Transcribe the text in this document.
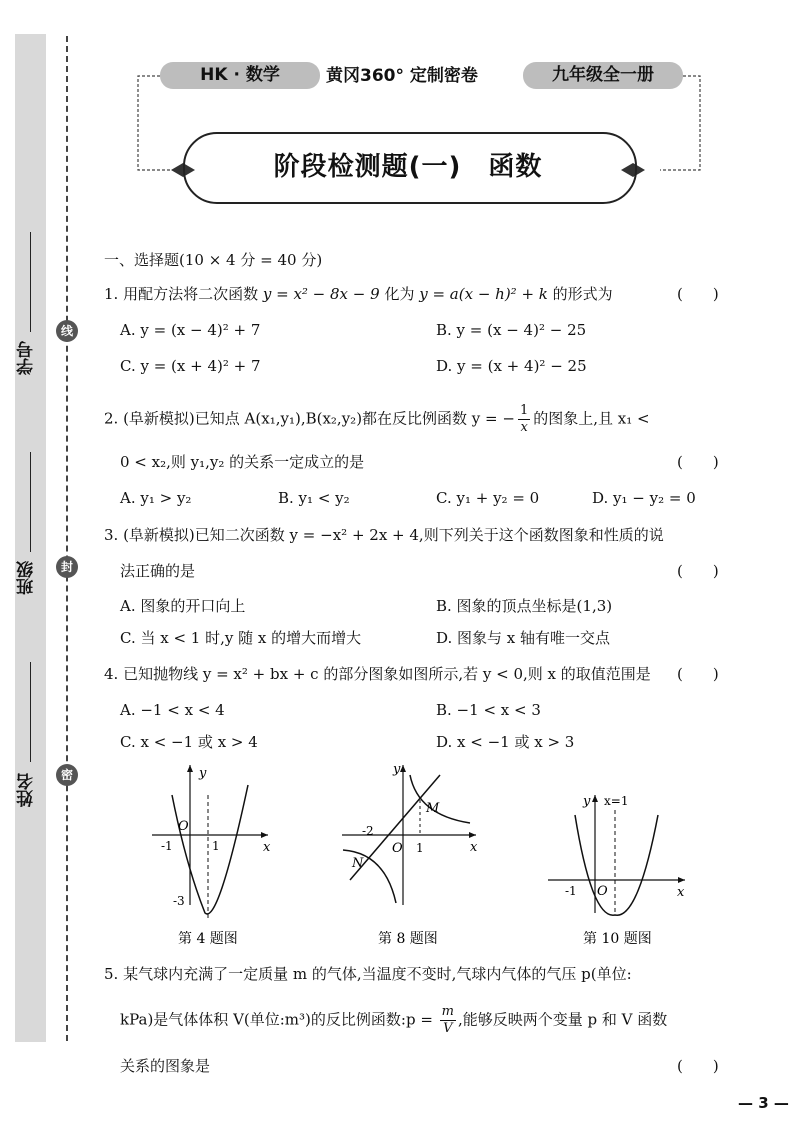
学号
班级
姓名
线
封
密
HK · 数学	黄冈360° 定制密卷	九年级全一册
阶段检测题(一)　函数
一、选择题(10 × 4 分 = 40 分)
1. 用配方法将二次函数 y = x² − 8x − 9 化为 y = a(x − h)² + k 的形式为	(　　)
A. y = (x − 4)² + 7	B. y = (x − 4)² − 25
C. y = (x + 4)² + 7	D. y = (x + 4)² − 25
2. (阜新模拟)已知点 A(x₁,y₁),B(x₂,y₂)都在反比例函数 y = − $\frac{1}{x}$ 的图象上,且 x₁ <
0 < x₂,则 y₁,y₂ 的关系一定成立的是	(　　)
A. y₁ > y₂	B. y₁ < y₂	C. y₁ + y₂ = 0	D. y₁ − y₂ = 0
3. (阜新模拟)已知二次函数 y = −x² + 2x + 4,则下列关于这个函数图象和性质的说
法正确的是	(　　)
A. 图象的开口向上	B. 图象的顶点坐标是(1,3)
C. 当 x < 1 时,y 随 x 的增大而增大	D. 图象与 x 轴有唯一交点
4. 已知抛物线 y = x² + bx + c 的部分图象如图所示,若 y < 0,则 x 的取值范围是 (　　)
A. −1 < x < 4	B. −1 < x < 3
C. x < −1 或 x > 4	D. x < −1 或 x > 3
y
x
O
-1	1
-3
y
x
O
-2
1
M
N
y x=1
x
O
-1
第 4 题图	第 8 题图	第 10 题图
5. 某气球内充满了一定质量 m 的气体,当温度不变时,气球内气体的气压 p(单位:
kPa)是气体体积 V(单位:m³)的反比例函数:p = $\frac{m}{V}$ ,能够反映两个变量 p 和 V 函数
关系的图象是	(　　)
— 3 —
